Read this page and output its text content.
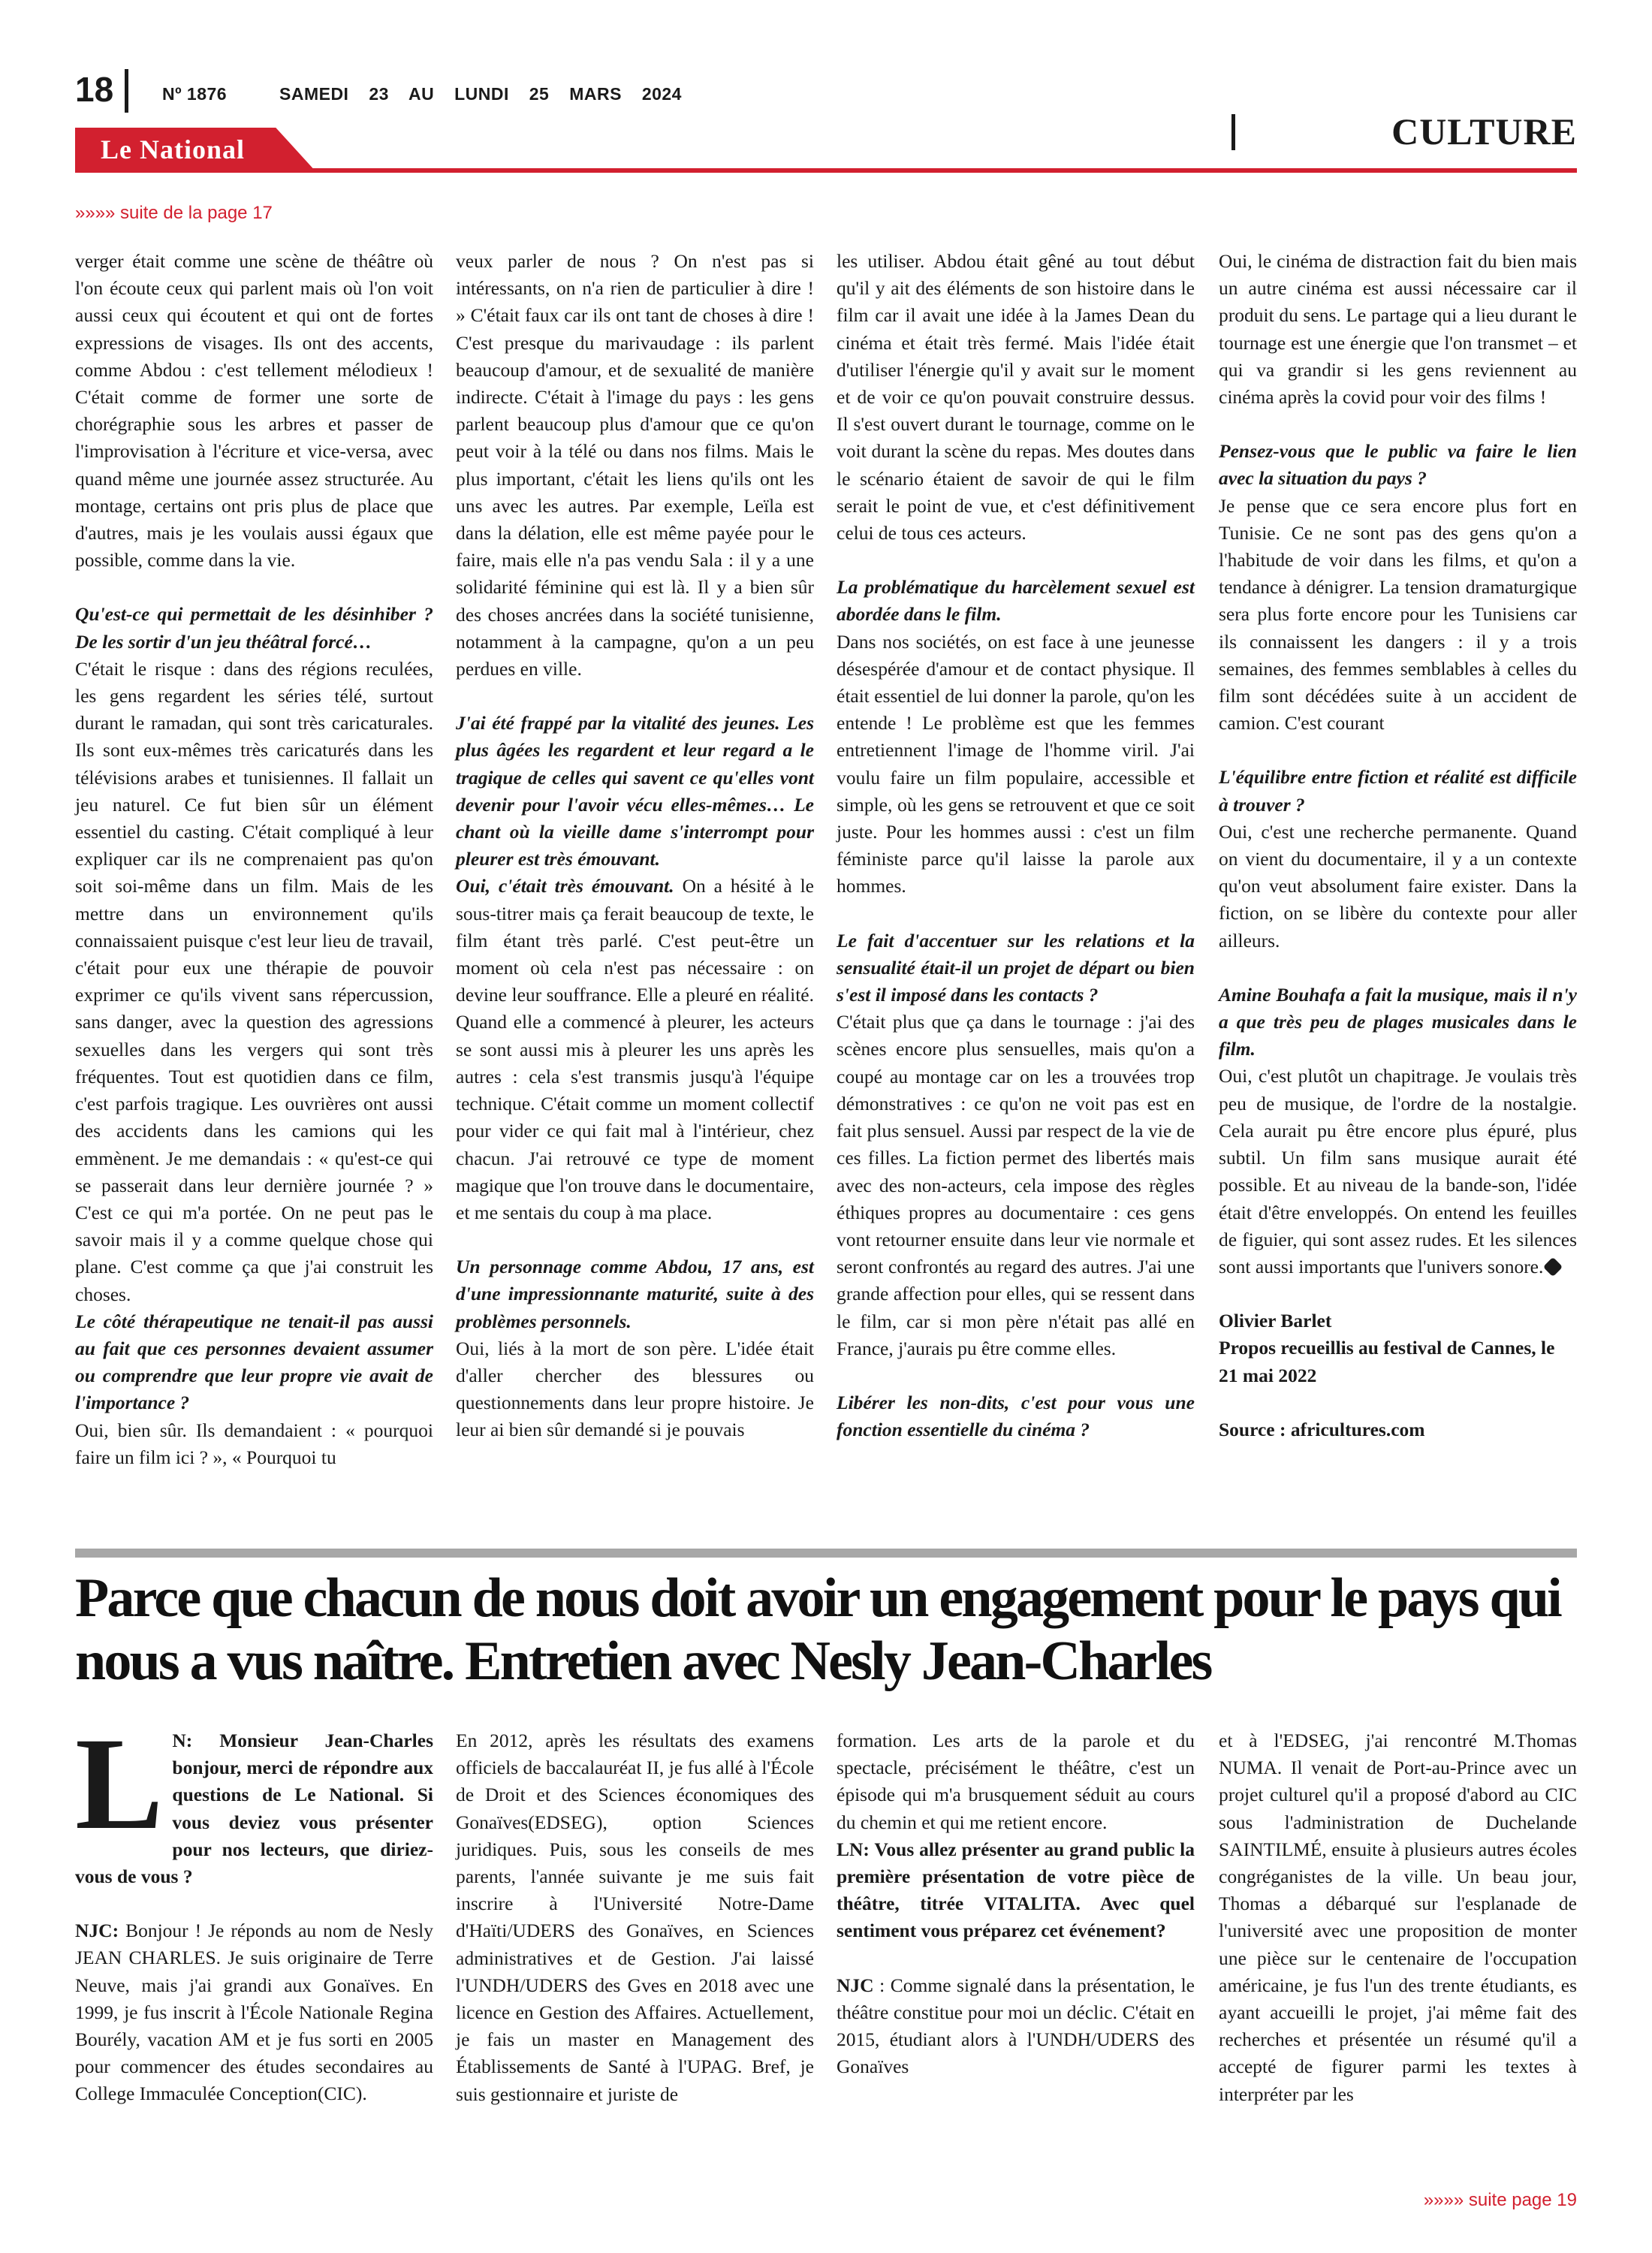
18	Nº 1876	SAMEDI 23 AU LUNDI 25 MARS 2024
CULTURE
Le National
»»»» suite de la page 17

verger était comme une scène de théâtre où l'on écoute ceux qui parlent mais où l'on voit aussi ceux qui écoutent et qui ont de fortes expressions de visages. Ils ont des accents, comme Abdou : c'est tellement mélodieux ! C'était comme de former une sorte de chorégraphie sous les arbres et passer de l'improvisation à l'écriture et vice-versa, avec quand même une journée assez structurée. Au montage, certains ont pris plus de place que d'autres, mais je les voulais aussi égaux que possible, comme dans la vie.

Qu'est-ce qui permettait de les désinhiber ? De les sortir d'un jeu théâtral forcé…

C'était le risque : dans des régions reculées, les gens regardent les séries télé, surtout durant le ramadan, qui sont très caricaturales. Ils sont eux-mêmes très caricaturés dans les télévisions arabes et tunisiennes. Il fallait un jeu naturel. Ce fut bien sûr un élément essentiel du casting. C'était compliqué à leur expliquer car ils ne comprenaient pas qu'on soit soi-même dans un film. Mais de les mettre dans un environnement qu'ils connaissaient puisque c'est leur lieu de travail, c'était pour eux une thérapie de pouvoir exprimer ce qu'ils vivent sans répercussion, sans danger, avec la question des agressions sexuelles dans les vergers qui sont très fréquentes. Tout est quotidien dans ce film, c'est parfois tragique. Les ouvrières ont aussi des accidents dans les camions qui les emmènent. Je me demandais : « qu'est-ce qui se passerait dans leur dernière journée ? » C'est ce qui m'a portée. On ne peut pas le savoir mais il y a comme quelque chose qui plane. C'est comme ça que j'ai construit les choses.

Le côté thérapeutique ne tenait-il pas aussi au fait que ces personnes devaient assumer ou comprendre que leur propre vie avait de l'importance ?

Oui, bien sûr. Ils demandaient : « pourquoi faire un film ici ? », « Pourquoi tu

veux parler de nous ? On n'est pas si intéressants, on n'a rien de particulier à dire ! » C'était faux car ils ont tant de choses à dire ! C'est presque du marivaudage : ils parlent beaucoup d'amour, et de sexualité de manière indirecte. C'était à l'image du pays : les gens parlent beaucoup plus d'amour que ce qu'on peut voir à la télé ou dans nos films. Mais le plus important, c'était les liens qu'ils ont les uns avec les autres. Par exemple, Leïla est dans la délation, elle est même payée pour le faire, mais elle n'a pas vendu Sala : il y a une solidarité féminine qui est là. Il y a bien sûr des choses ancrées dans la société tunisienne, notamment à la campagne, qu'on a un peu perdues en ville.

J'ai été frappé par la vitalité des jeunes. Les plus âgées les regardent et leur regard a le tragique de celles qui savent ce qu'elles vont devenir pour l'avoir vécu elles-mêmes… Le chant où la vieille dame s'interrompt pour pleurer est très émouvant.

Oui, c'était très émouvant. On a hésité à le sous-titrer mais ça ferait beaucoup de texte, le film étant très parlé. C'est peut-être un moment où cela n'est pas nécessaire : on devine leur souffrance. Elle a pleuré en réalité. Quand elle a commencé à pleurer, les acteurs se sont aussi mis à pleurer les uns après les autres : cela s'est transmis jusqu'à l'équipe technique. C'était comme un moment collectif pour vider ce qui fait mal à l'intérieur, chez chacun. J'ai retrouvé ce type de moment magique que l'on trouve dans le documentaire, et me sentais du coup à ma place.

Un personnage comme Abdou, 17 ans, est d'une impressionnante maturité, suite à des problèmes personnels.

Oui, liés à la mort de son père. L'idée était d'aller chercher des blessures ou questionnements dans leur propre histoire. Je leur ai bien sûr demandé si je pouvais

les utiliser. Abdou était gêné au tout début qu'il y ait des éléments de son histoire dans le film car il avait une idée à la James Dean du cinéma et était très fermé. Mais l'idée était d'utiliser l'énergie qu'il y avait sur le moment et de voir ce qu'on pouvait construire dessus. Il s'est ouvert durant le tournage, comme on le voit durant la scène du repas. Mes doutes dans le scénario étaient de savoir de qui le film serait le point de vue, et c'est définitivement celui de tous ces acteurs.

La problématique du harcèlement sexuel est abordée dans le film.

Dans nos sociétés, on est face à une jeunesse désespérée d'amour et de contact physique. Il était essentiel de lui donner la parole, qu'on les entende ! Le problème est que les femmes entretiennent l'image de l'homme viril. J'ai voulu faire un film populaire, accessible et simple, où les gens se retrouvent et que ce soit juste. Pour les hommes aussi : c'est un film féministe parce qu'il laisse la parole aux hommes.

Le fait d'accentuer sur les relations et la sensualité était-il un projet de départ ou bien s'est il imposé dans les contacts ?

C'était plus que ça dans le tournage : j'ai des scènes encore plus sensuelles, mais qu'on a coupé au montage car on les a trouvées trop démonstratives : ce qu'on ne voit pas est en fait plus sensuel. Aussi par respect de la vie de ces filles. La fiction permet des libertés mais avec des non-acteurs, cela impose des règles éthiques propres au documentaire : ces gens vont retourner ensuite dans leur vie normale et seront confrontés au regard des autres. J'ai une grande affection pour elles, qui se ressent dans le film, car si mon père n'était pas allé en France, j'aurais pu être comme elles.

Libérer les non-dits, c'est pour vous une fonction essentielle du cinéma ?

Oui, le cinéma de distraction fait du bien mais un autre cinéma est aussi nécessaire car il produit du sens. Le partage qui a lieu durant le tournage est une énergie que l'on transmet – et qui va grandir si les gens reviennent au cinéma après la covid pour voir des films !

Pensez-vous que le public va faire le lien avec la situation du pays ?

Je pense que ce sera encore plus fort en Tunisie. Ce ne sont pas des gens qu'on a l'habitude de voir dans les films, et qu'on a tendance à dénigrer. La tension dramaturgique sera plus forte encore pour les Tunisiens car ils connaissent les dangers : il y a trois semaines, des femmes semblables à celles du film sont décédées suite à un accident de camion. C'est courant

L'équilibre entre fiction et réalité est difficile à trouver ?

Oui, c'est une recherche permanente. Quand on vient du documentaire, il y a un contexte qu'on veut absolument faire exister. Dans la fiction, on se libère du contexte pour aller ailleurs.

Amine Bouhafa a fait la musique, mais il n'y a que très peu de plages musicales dans le film.

Oui, c'est plutôt un chapitrage. Je voulais très peu de musique, de l'ordre de la nostalgie. Cela aurait pu être encore plus épuré, plus subtil. Un film sans musique aurait été possible. Et au niveau de la bande-son, l'idée était d'être enveloppés. On entend les feuilles de figuier, qui sont assez rudes. Et les silences sont aussi importants que l'univers sonore.

Olivier Barlet

Propos recueillis au festival de Cannes, le 21 mai 2022

Source : africultures.com

Parce que chacun de nous doit avoir un engagement pour le pays qui nous a vus naître. Entretien avec Nesly Jean-Charles

L N: Monsieur Jean-Charles bonjour, merci de répondre aux questions de Le National. Si vous deviez vous présenter pour nos lecteurs, que diriez-vous de vous ?

NJC: Bonjour ! Je réponds au nom de Nesly JEAN CHARLES. Je suis originaire de Terre Neuve, mais j'ai grandi aux Gonaïves. En 1999, je fus inscrit à l'École Nationale Regina Bourély, vacation AM et je fus sorti en 2005 pour commencer des études secondaires au College Immaculée Conception(CIC).

En 2012, après les résultats des examens officiels de baccalauréat II, je fus allé à l'École de Droit et des Sciences économiques des Gonaïves(EDSEG), option Sciences juridiques. Puis, sous les conseils de mes parents, l'année suivante je me suis fait inscrire à l'Université Notre-Dame d'Haïti/UDERS des Gonaïves, en Sciences administratives et de Gestion. J'ai laissé l'UNDH/UDERS des Gves en 2018 avec une licence en Gestion des Affaires. Actuellement, je fais un master en Management des Établissements de Santé à l'UPAG. Bref, je suis gestionnaire et juriste de

formation. Les arts de la parole et du spectacle, précisément le théâtre, c'est un épisode qui m'a brusquement séduit au cours du chemin et qui me retient encore.

LN: Vous allez présenter au grand public la première présentation de votre pièce de théâtre, titrée VITALITA. Avec quel sentiment vous préparez cet événement?

NJC : Comme signalé dans la présentation, le théâtre constitue pour moi un déclic. C'était en 2015, étudiant alors à l'UNDH/UDERS des Gonaïves

et à l'EDSEG, j'ai rencontré M.Thomas NUMA. Il venait de Port-au-Prince avec un projet culturel qu'il a proposé d'abord au CIC sous l'administration de Duchelande SAINTILMÉ, ensuite à plusieurs autres écoles congréganistes de la ville. Un beau jour, Thomas a débarqué sur l'esplanade de l'université avec une proposition de monter une pièce sur le centenaire de l'occupation américaine, je fus l'un des trente étudiants, es ayant accueilli le projet, j'ai même fait des recherches et présentée un résumé qu'il a accepté de figurer parmi les textes à interpréter par les

»»»» suite page 19
